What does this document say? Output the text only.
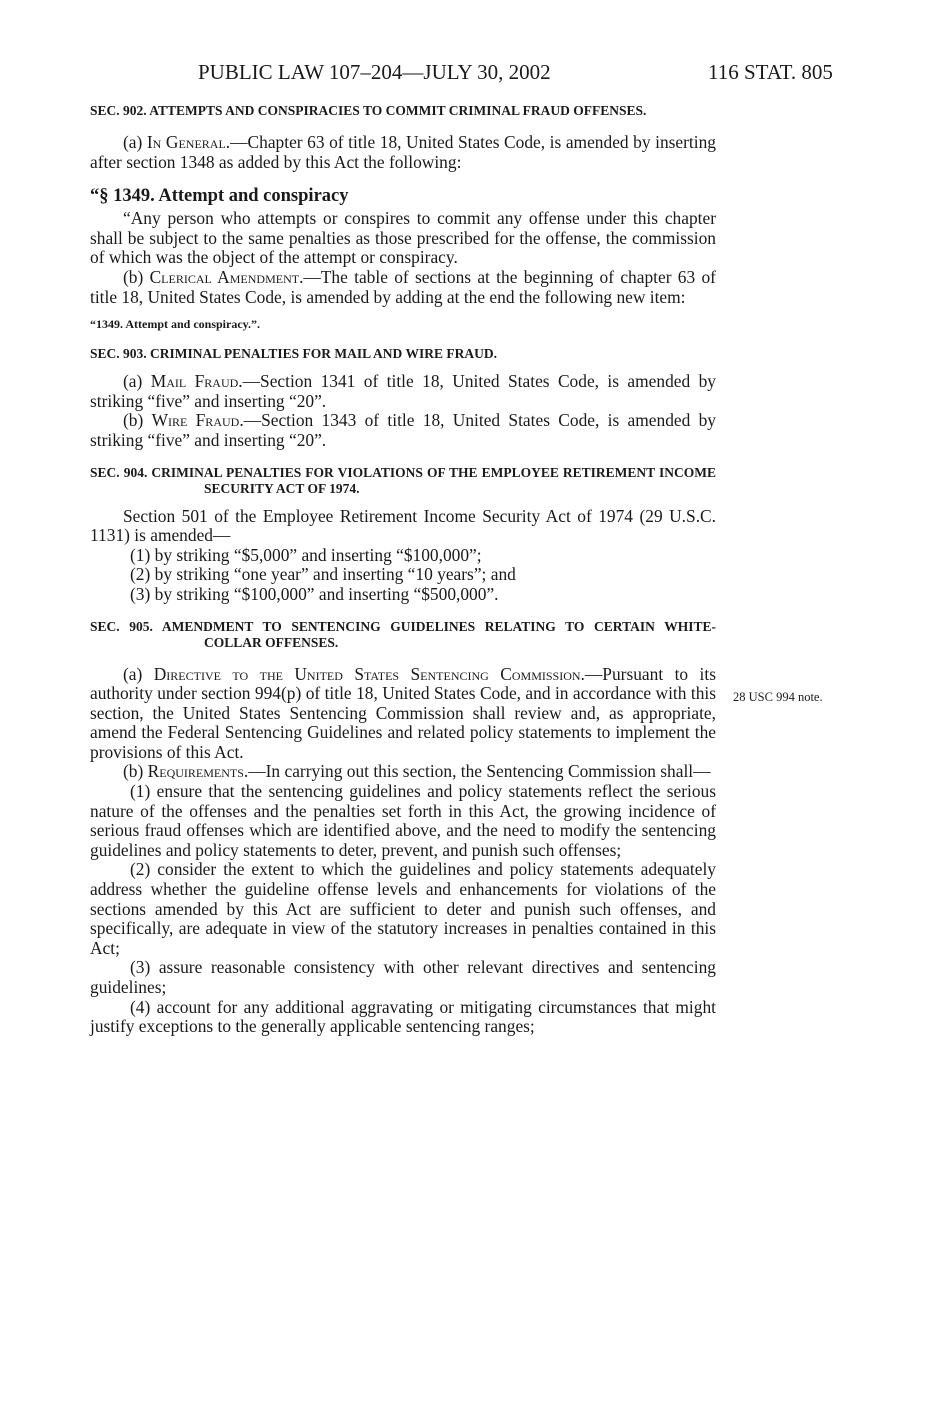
PUBLIC LAW 107–204—JULY 30, 2002	116 STAT. 805

SEC. 902. ATTEMPTS AND CONSPIRACIES TO COMMIT CRIMINAL FRAUD OFFENSES.

(a) In General.—Chapter 63 of title 18, United States Code, is amended by inserting after section 1348 as added by this Act the following:

“§ 1349. Attempt and conspiracy

“Any person who attempts or conspires to commit any offense under this chapter shall be subject to the same penalties as those prescribed for the offense, the commission of which was the object of the attempt or conspiracy.

(b) Clerical Amendment.—The table of sections at the beginning of chapter 63 of title 18, United States Code, is amended by adding at the end the following new item:

“1349. Attempt and conspiracy.”.

SEC. 903. CRIMINAL PENALTIES FOR MAIL AND WIRE FRAUD.

(a) Mail Fraud.—Section 1341 of title 18, United States Code, is amended by striking “five” and inserting “20”.

(b) Wire Fraud.—Section 1343 of title 18, United States Code, is amended by striking “five” and inserting “20”.

SEC. 904. CRIMINAL PENALTIES FOR VIOLATIONS OF THE EMPLOYEE RETIREMENT INCOME SECURITY ACT OF 1974.

Section 501 of the Employee Retirement Income Security Act of 1974 (29 U.S.C. 1131) is amended—

(1) by striking “$5,000” and inserting “$100,000”;

(2) by striking “one year” and inserting “10 years”; and

(3) by striking “$100,000” and inserting “$500,000”.

SEC. 905. AMENDMENT TO SENTENCING GUIDELINES RELATING TO CERTAIN WHITE-COLLAR OFFENSES.

(a) Directive to the United States Sentencing Commission.—Pursuant to its authority under section 994(p) of title 18, United States Code, and in accordance with this section, the United States Sentencing Commission shall review and, as appropriate, amend the Federal Sentencing Guidelines and related policy statements to implement the provisions of this Act.

(b) Requirements.—In carrying out this section, the Sentencing Commission shall—

(1) ensure that the sentencing guidelines and policy statements reflect the serious nature of the offenses and the penalties set forth in this Act, the growing incidence of serious fraud offenses which are identified above, and the need to modify the sentencing guidelines and policy statements to deter, prevent, and punish such offenses;

(2) consider the extent to which the guidelines and policy statements adequately address whether the guideline offense levels and enhancements for violations of the sections amended by this Act are sufficient to deter and punish such offenses, and specifically, are adequate in view of the statutory increases in penalties contained in this Act;

(3) assure reasonable consistency with other relevant directives and sentencing guidelines;

(4) account for any additional aggravating or mitigating circumstances that might justify exceptions to the generally applicable sentencing ranges;

28 USC 994 note.
